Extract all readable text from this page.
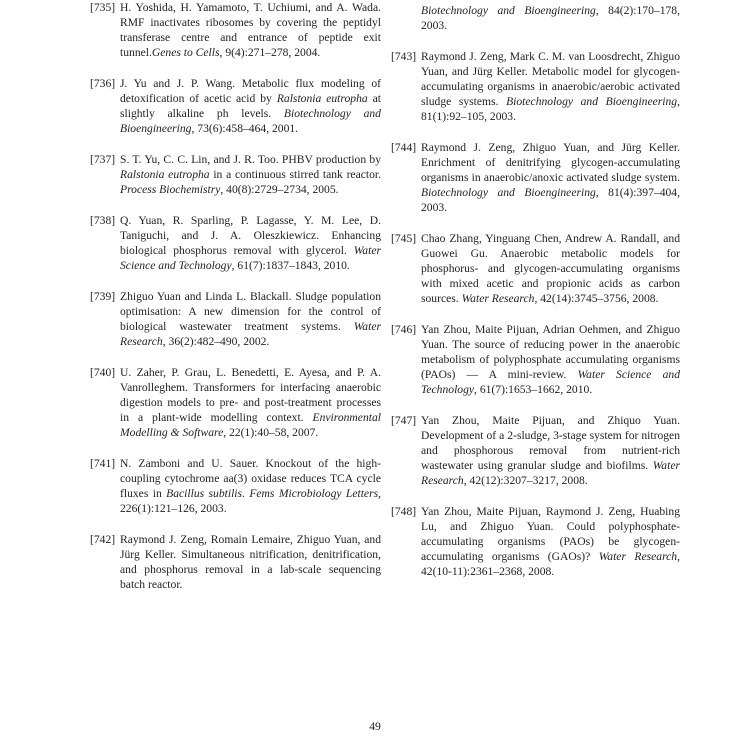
[735] H. Yoshida, H. Yamamoto, T. Uchiumi, and A. Wada. RMF inactivates ribosomes by covering the peptidyl transferase centre and entrance of peptide exit tunnel.Genes to Cells, 9(4):271–278, 2004.
[736] J. Yu and J. P. Wang. Metabolic flux modeling of detoxification of acetic acid by Ralstonia eutropha at slightly alkaline ph levels. Biotechnology and Bioengineering, 73(6):458–464, 2001.
[737] S. T. Yu, C. C. Lin, and J. R. Too. PHBV production by Ralstonia eutropha in a continuous stirred tank reactor. Process Biochemistry, 40(8):2729–2734, 2005.
[738] Q. Yuan, R. Sparling, P. Lagasse, Y. M. Lee, D. Taniguchi, and J. A. Oleszkiewicz. Enhancing biological phosphorus removal with glycerol. Water Science and Technology, 61(7):1837–1843, 2010.
[739] Zhiguo Yuan and Linda L. Blackall. Sludge population optimisation: A new dimension for the control of biological wastewater treatment systems. Water Research, 36(2):482–490, 2002.
[740] U. Zaher, P. Grau, L. Benedetti, E. Ayesa, and P. A. Vanrolleghem. Transformers for interfacing anaerobic digestion models to pre- and post-treatment processes in a plant-wide modelling context. Environmental Modelling & Software, 22(1):40–58, 2007.
[741] N. Zamboni and U. Sauer. Knockout of the high-coupling cytochrome aa(3) oxidase reduces TCA cycle fluxes in Bacillus subtilis. Fems Microbiology Letters, 226(1):121–126, 2003.
[742] Raymond J. Zeng, Romain Lemaire, Zhiguo Yuan, and Jürg Keller. Simultaneous nitrification, denitrification, and phosphorus removal in a lab-scale sequencing batch reactor.
Biotechnology and Bioengineering, 84(2):170–178, 2003.
[743] Raymond J. Zeng, Mark C. M. van Loosdrecht, Zhiguo Yuan, and Jürg Keller. Metabolic model for glycogen-accumulating organisms in anaerobic/aerobic activated sludge systems. Biotechnology and Bioengineering, 81(1):92–105, 2003.
[744] Raymond J. Zeng, Zhiguo Yuan, and Jürg Keller. Enrichment of denitrifying glycogen-accumulating organisms in anaerobic/anoxic activated sludge system. Biotechnology and Bioengineering, 81(4):397–404, 2003.
[745] Chao Zhang, Yinguang Chen, Andrew A. Randall, and Guowei Gu. Anaerobic metabolic models for phosphorus- and glycogen-accumulating organisms with mixed acetic and propionic acids as carbon sources. Water Research, 42(14):3745–3756, 2008.
[746] Yan Zhou, Maite Pijuan, Adrian Oehmen, and Zhiguo Yuan. The source of reducing power in the anaerobic metabolism of polyphosphate accumulating organisms (PAOs) — A mini-review. Water Science and Technology, 61(7):1653–1662, 2010.
[747] Yan Zhou, Maite Pijuan, and Zhiquo Yuan. Development of a 2-sludge, 3-stage system for nitrogen and phosphorous removal from nutrient-rich wastewater using granular sludge and biofilms. Water Research, 42(12):3207–3217, 2008.
[748] Yan Zhou, Maite Pijuan, Raymond J. Zeng, Huabing Lu, and Zhiguo Yuan. Could polyphosphate-accumulating organisms (PAOs) be glycogen-accumulating organisms (GAOs)? Water Research, 42(10-11):2361–2368, 2008.
49
